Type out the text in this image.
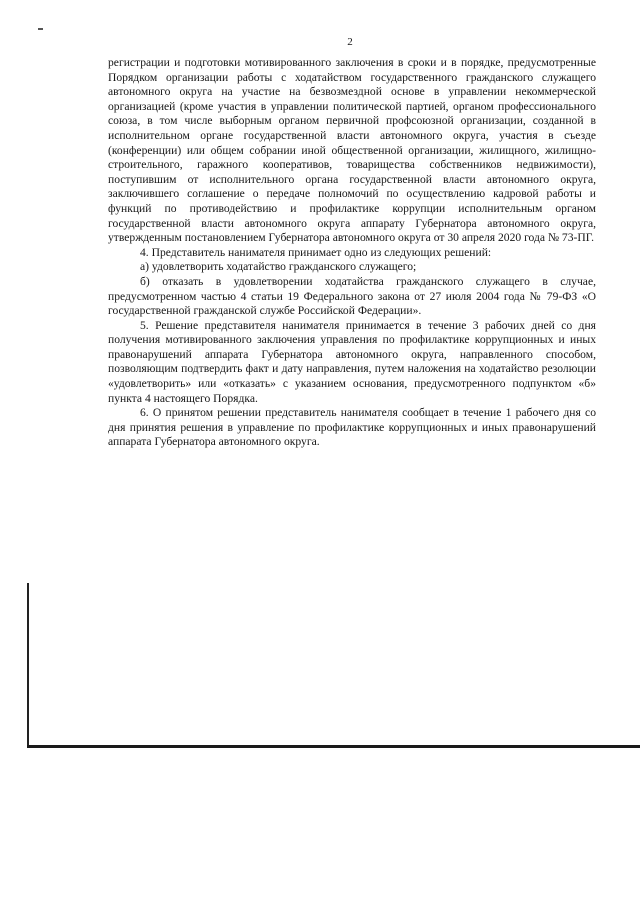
2

регистрации и подготовки мотивированного заключения в сроки и в порядке, предусмотренные Порядком организации работы с ходатайством государственного гражданского служащего автономного округа на участие на безвозмездной основе в управлении некоммерческой организацией (кроме участия в управлении политической партией, органом профессионального союза, в том числе выборным органом первичной профсоюзной организации, созданной в исполнительном органе государственной власти автономного округа, участия в съезде (конференции) или общем собрании иной общественной организации, жилищного, жилищно-строительного, гаражного кооперативов, товарищества собственников недвижимости), поступившим от исполнительного органа государственной власти автономного округа, заключившего соглашение о передаче полномочий по осуществлению кадровой работы и функций по противодействию и профилактике коррупции исполнительным органом государственной власти автономного округа аппарату Губернатора автономного округа, утвержденным постановлением Губернатора автономного округа от 30 апреля 2020 года № 73-ПГ.

4. Представитель нанимателя принимает одно из следующих решений:

а) удовлетворить ходатайство гражданского служащего;

б) отказать в удовлетворении ходатайства гражданского служащего в случае, предусмотренном частью 4 статьи 19 Федерального закона от 27 июля 2004 года № 79-ФЗ «О государственной гражданской службе Российской Федерации».

5. Решение представителя нанимателя принимается в течение 3 рабочих дней со дня получения мотивированного заключения управления по профилактике коррупционных и иных правонарушений аппарата Губернатора автономного округа, направленного способом, позволяющим подтвердить факт и дату направления, путем наложения на ходатайство резолюции «удовлетворить» или «отказать» с указанием основания, предусмотренного подпунктом «б» пункта 4 настоящего Порядка.

6. О принятом решении представитель нанимателя сообщает в течение 1 рабочего дня со дня принятия решения в управление по профилактике коррупционных и иных правонарушений аппарата Губернатора автономного округа.
